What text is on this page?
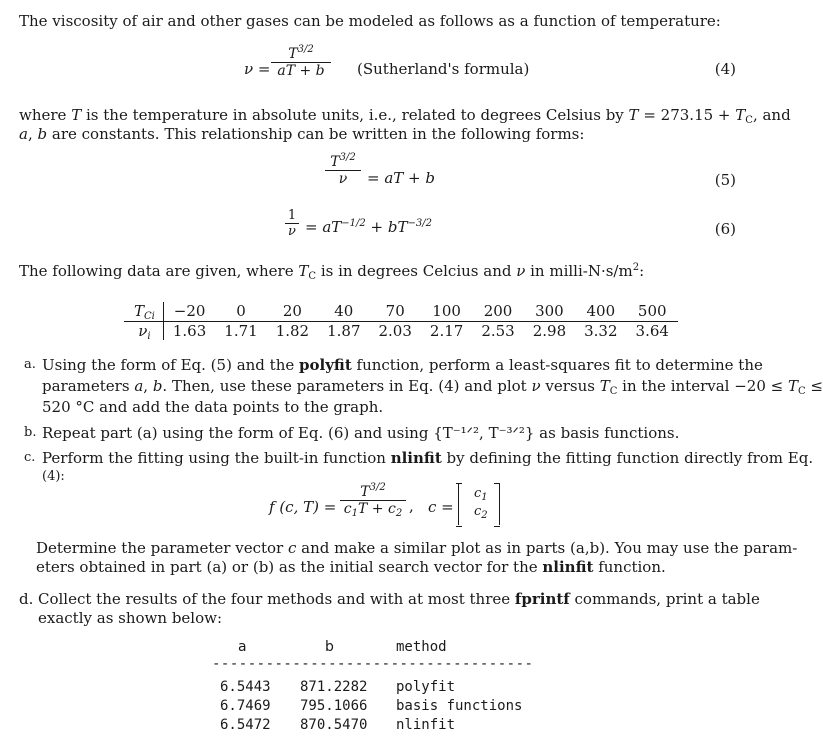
The viscosity of air and other gases can be modeled as follows as a function of temperature:
ν =
$T^{3/2}$
aT + b	(Sutherland's formula)	(4)
where T is the temperature in absolute units, i.e., related to degrees Celsius by $T = 273.15 + T_C$, and
a, b are constants. This relationship can be written in the following forms:
$T^{3/2}$
ν	= aT + b	(5)
1
$\nu = aT^{-1/2} + bT^{-3/2}$	(6)
The following data are given, where $T_C$ is in degrees Celcius and ν in milli-$N\cdot s/m^2$:
$T_{Ci}$	−20	0	20	40	70	100	200	300	400	500
$\nu_i$	1.63	1.71	1.82	1.87	2.03	2.17	2.53	2.98	3.32	3.64
a. Using the form of Eq. (5) and the polyfit function, perform a least-squares fit to determine the
parameters a, b. Then, use these parameters in Eq. (4) and plot ν versus $T_C$ in the interval $-20 \le T_C$ ≤
520 °C and add the data points to the graph.
b. Repeat part (a) using the form of Eq. (6) and using {T⁻¹ᐟ², T⁻³ᐟ²} as basis functions.
c. Perform the fitting using the built-in function nlinfit by defining the fitting function directly from Eq.
(4):
f (c, T) =
$T^{3/2}$
$c_1T + c_2$ , c =
$c_1$
$c_2$
Determine the parameter vector c and make a similar plot as in parts (a,b). You may use the param-
eters obtained in part (a) or (b) as the initial search vector for the nlinfit function.
d. Collect the results of the four methods and with at most three fprintf commands, print a table
exactly as shown below:
a	b	method
------------------------------------
6.5443 871.2282 polyfit
6.7469 795.1066 basis functions
6.5472 870.5470 nlinfit
